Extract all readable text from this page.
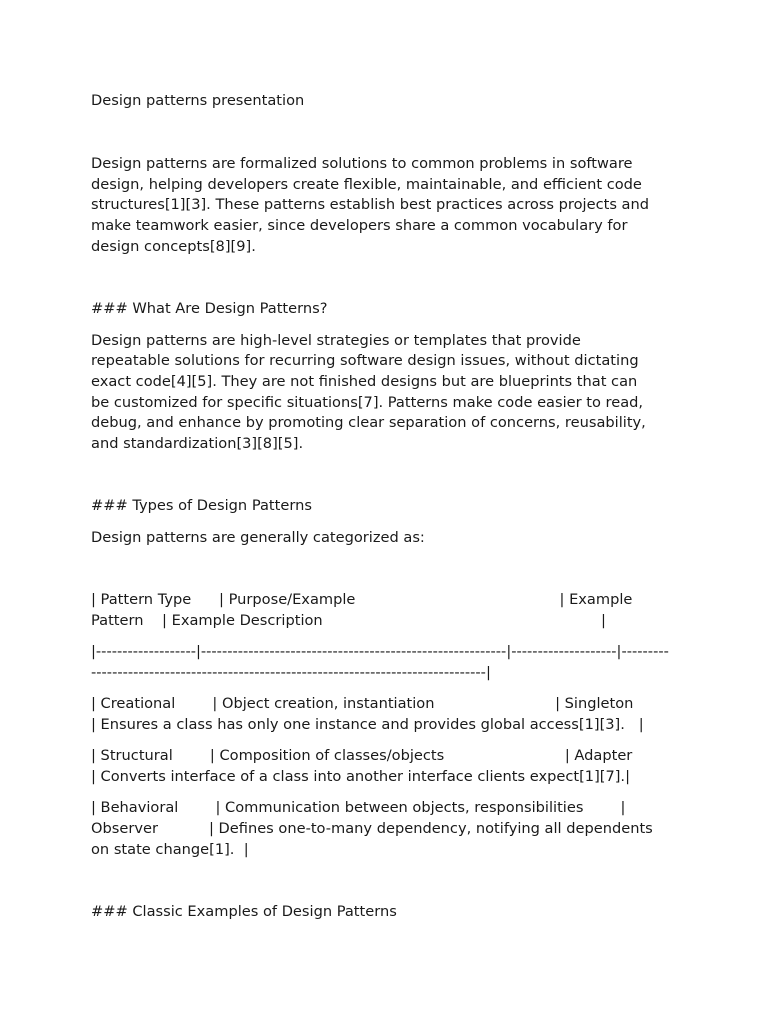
Design patterns presentation

Design patterns are formalized solutions to common problems in software

design, helping developers create flexible, maintainable, and efficient code

structures[1][3]. These patterns establish best practices across projects and

make teamwork easier, since developers share a common vocabulary for

design concepts[8][9].

### What Are Design Patterns?

Design patterns are high-level strategies or templates that provide

repeatable solutions for recurring software design issues, without dictating

exact code[4][5]. They are not finished designs but are blueprints that can

be customized for specific situations[7]. Patterns make code easier to read,

debug, and enhance by promoting clear separation of concerns, reusability,

and standardization[3][8][5].

### Types of Design Patterns

Design patterns are generally categorized as:

| Pattern Type      | Purpose/Example                                            | Example

Pattern    | Example Description                                                            |

|-------------------|----------------------------------------------------------|--------------------|---------

---------------------------------------------------------------------------|

| Creational        | Object creation, instantiation                          | Singleton

| Ensures a class has only one instance and provides global access[1][3].   |

| Structural        | Composition of classes/objects                          | Adapter

| Converts interface of a class into another interface clients expect[1][7].|

| Behavioral        | Communication between objects, responsibilities        |

Observer           | Defines one-to-many dependency, notifying all dependents

on state change[1].  |

### Classic Examples of Design Patterns
